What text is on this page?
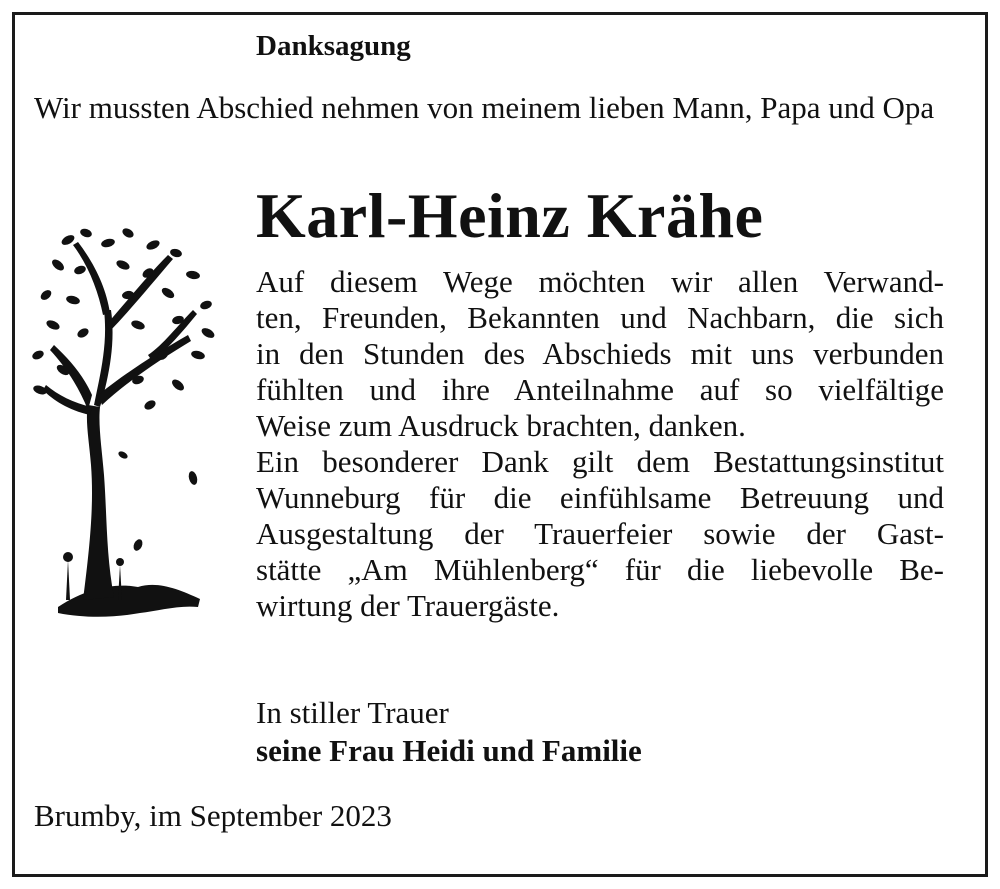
Danksagung

Wir mussten Abschied nehmen von meinem lieben Mann, Papa und Opa

Karl-Heinz Krähe
Auf diesem Wege möchten wir allen Verwand-
ten, Freunden, Bekannten und Nachbarn, die sich
in den Stunden des Abschieds mit uns verbunden
fühlten und ihre Anteilnahme auf so vielfältige
Weise zum Ausdruck brachten, danken.
Ein besonderer Dank gilt dem Bestattungsinstitut
Wunneburg für die einfühlsame Betreuung und
Ausgestaltung der Trauerfeier sowie der Gast-
stätte „Am Mühlenberg“ für die liebevolle Be-
wirtung der Trauergäste.
In stiller Trauer
seine Frau Heidi und Familie

Brumby, im September 2023
